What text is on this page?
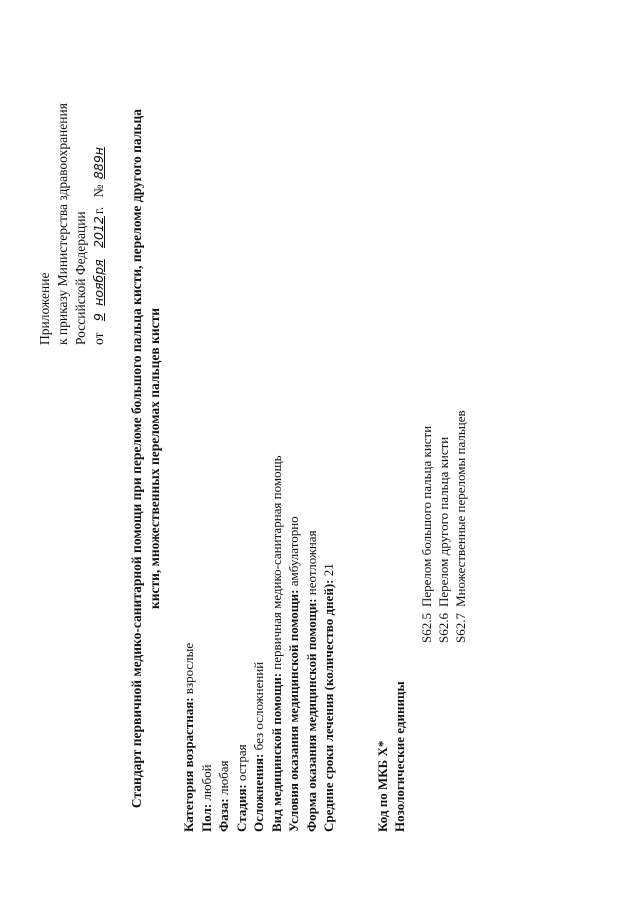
Приложение к приказу Министерства здравоохранения Российской Федерации от 9 ноября 2012г. № 889н Стандарт первичной медико-санитарной помощи при переломе большого пальца кисти, переломе другого пальца кисти, множественных переломах пальцев кисти
Категория возрастная: взрослые
Пол: любой
Фаза: любая
Стадия: острая Осложнения: без осложнений Вид медицинской помощи: первичная медико-санитарная помощь
Условия оказания медицинской помощи: амбулаторно
Форма оказания медицинской помощи: неотложная
Средние сроки лечения (количество дней): 21
Код по МКБ X* Нозологические единицы
S62.5Перелом большого пальца кисти
S62.6Перелом другого пальца кисти
S62.7Множественные переломы пальцев
